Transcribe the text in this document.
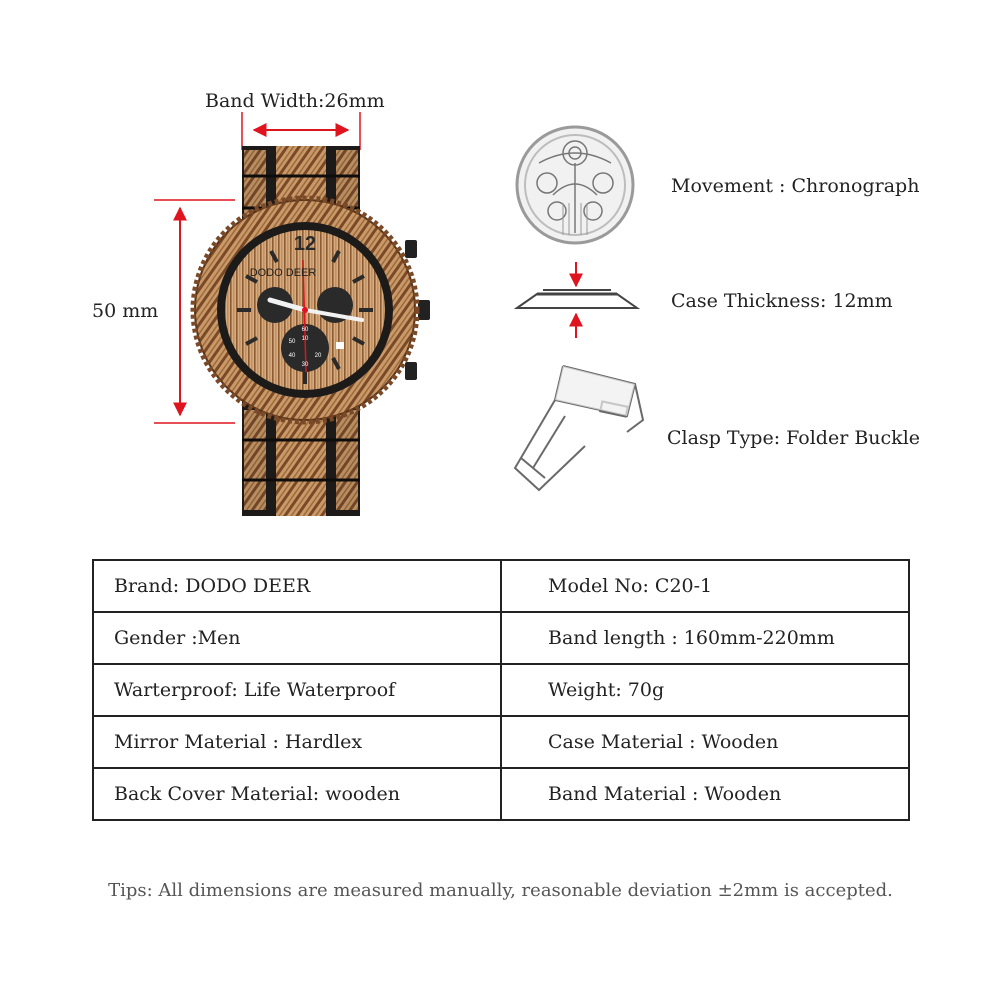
Band Width:26mm
50 mm
12
DODO DEER
10
60
50
20
40
30
Movement : Chronograph
Case Thickness: 12mm
Clasp Type: Folder Buckle
Brand: DODO DEER	Model No: C20-1
Gender :Men	Band length : 160mm-220mm
Warterproof: Life Waterproof	Weight: 70g
Mirror Material : Hardlex	Case Material : Wooden
Back Cover Material: wooden	Band Material : Wooden
Tips: All dimensions are measured manually, reasonable deviation ±2mm is accepted.
